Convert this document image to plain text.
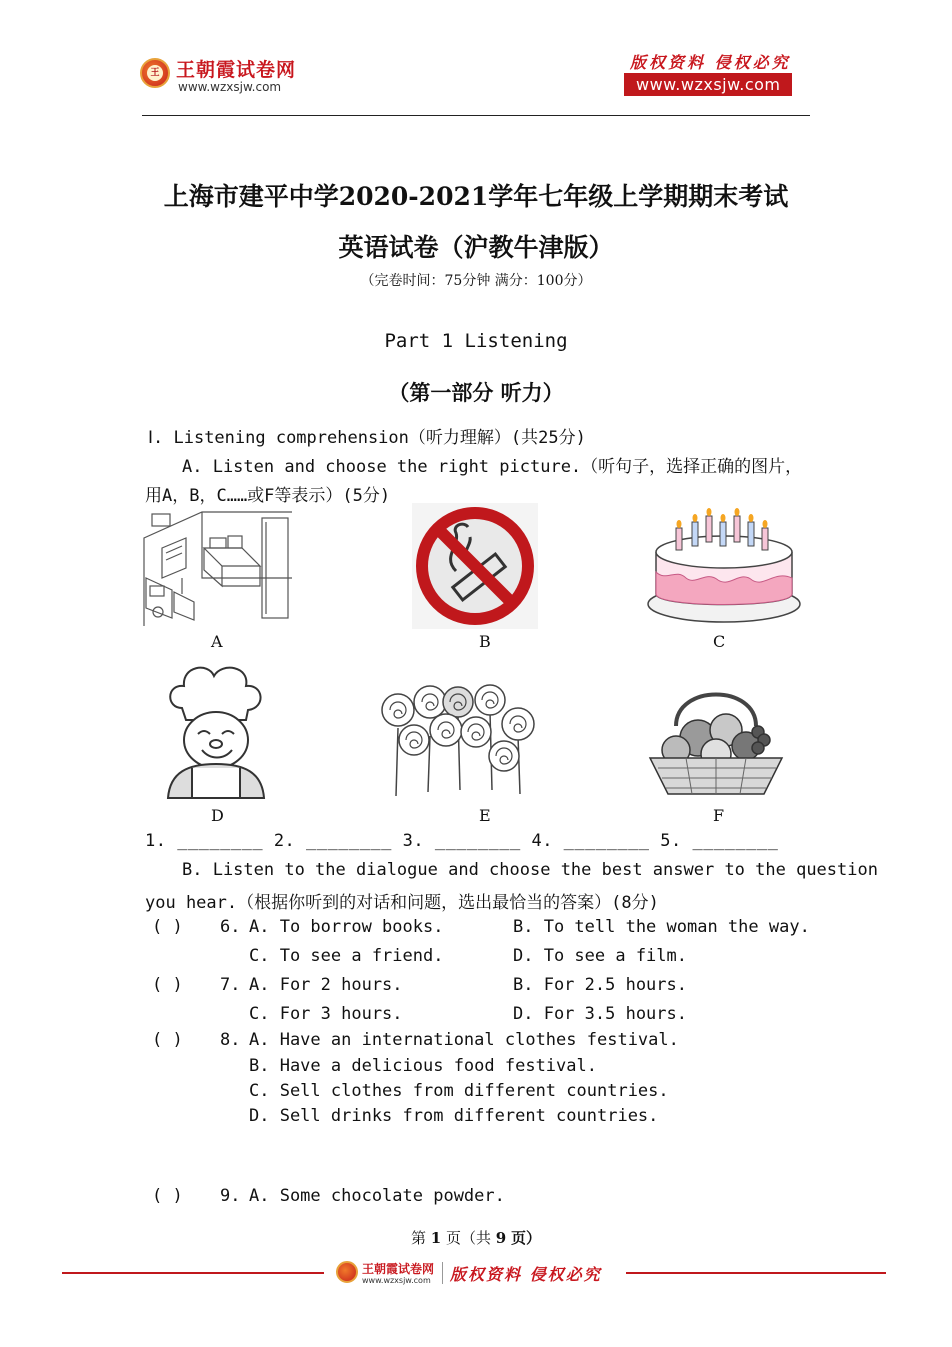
王 王朝霞试卷网
www.wzxsjw.com
版权资料 侵权必究
www.wzxsjw.com
上海市建平中学2020-2021学年七年级上学期期末考试
英语试卷（沪教牛津版）
（完卷时间：75分钟 满分：100分）
Part 1 Listening
（第一部分 听力）
Ⅰ. Listening comprehension（听力理解）(共25分)
A. Listen and choose the right picture.（听句子，选择正确的图片，
用A，B，C……或F等表示）(5分)
A	B	C
D	E	F
1. ________ 2. ________ 3. ________ 4. ________ 5. ________
B. Listen to the dialogue and choose the best answer to the question
you hear.（根据你听到的对话和问题，选出最恰当的答案）(8分)
( ) 6. A. To borrow books.	B. To tell the woman the way.
C. To see a friend.	D. To see a film.
( ) 7. A. For 2 hours.	B. For 2.5 hours.
C. For 3 hours.	D. For 3.5 hours.
( ) 8. A. Have an international clothes festival.
B. Have a delicious food festival.
C. Sell clothes from different countries.
D. Sell drinks from different countries.
( ) 9. A. Some chocolate powder.
第 1 页（共 9 页）
王朝霞试卷网
www.wzxsjw.com 版权资料 侵权必究
